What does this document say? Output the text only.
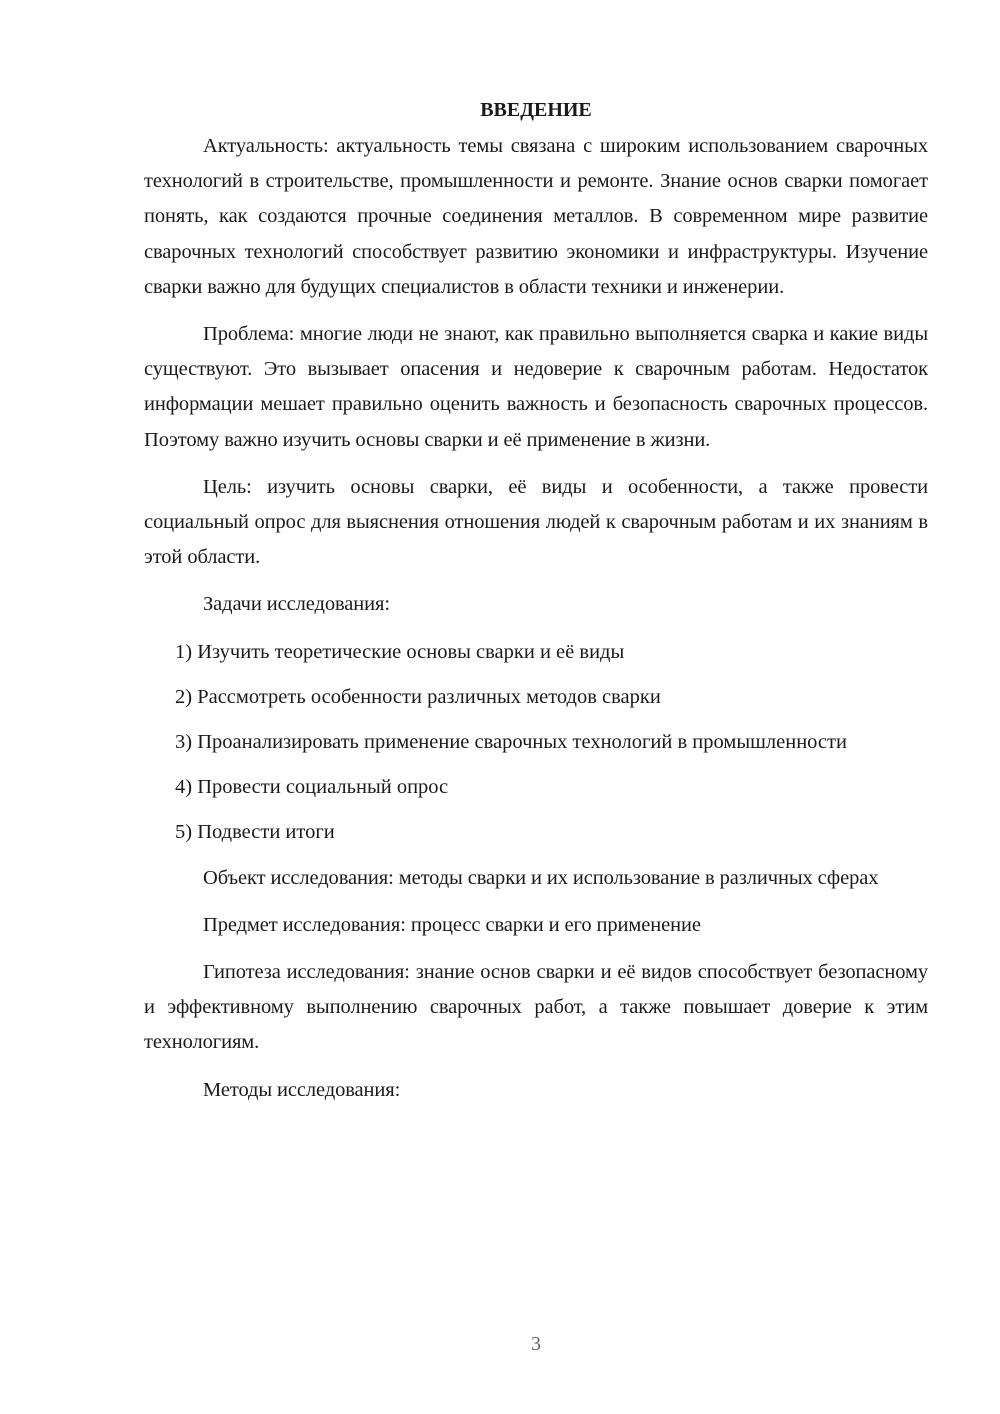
ВВЕДЕНИЕ

Актуальность: актуальность темы связана с широким использованием сварочных технологий в строительстве, промышленности и ремонте. Знание основ сварки помогает понять, как создаются прочные соединения металлов. В современном мире развитие сварочных технологий способствует развитию экономики и инфраструктуры. Изучение сварки важно для будущих специалистов в области техники и инженерии.

Проблема: многие люди не знают, как правильно выполняется сварка и какие виды существуют. Это вызывает опасения и недоверие к сварочным работам. Недостаток информации мешает правильно оценить важность и безопасность сварочных процессов. Поэтому важно изучить основы сварки и её применение в жизни.

Цель: изучить основы сварки, её виды и особенности, а также провести социальный опрос для выяснения отношения людей к сварочным работам и их знаниям в этой области.

Задачи исследования:

1) Изучить теоретические основы сварки и её виды

2) Рассмотреть особенности различных методов сварки

3) Проанализировать применение сварочных технологий в промышленности

4) Провести социальный опрос

5) Подвести итоги

Объект исследования: методы сварки и их использование в различных сферах

Предмет исследования: процесс сварки и его применение

Гипотеза исследования: знание основ сварки и её видов способствует безопасному и эффективному выполнению сварочных работ, а также повышает доверие к этим технологиям.

Методы исследования:

3
